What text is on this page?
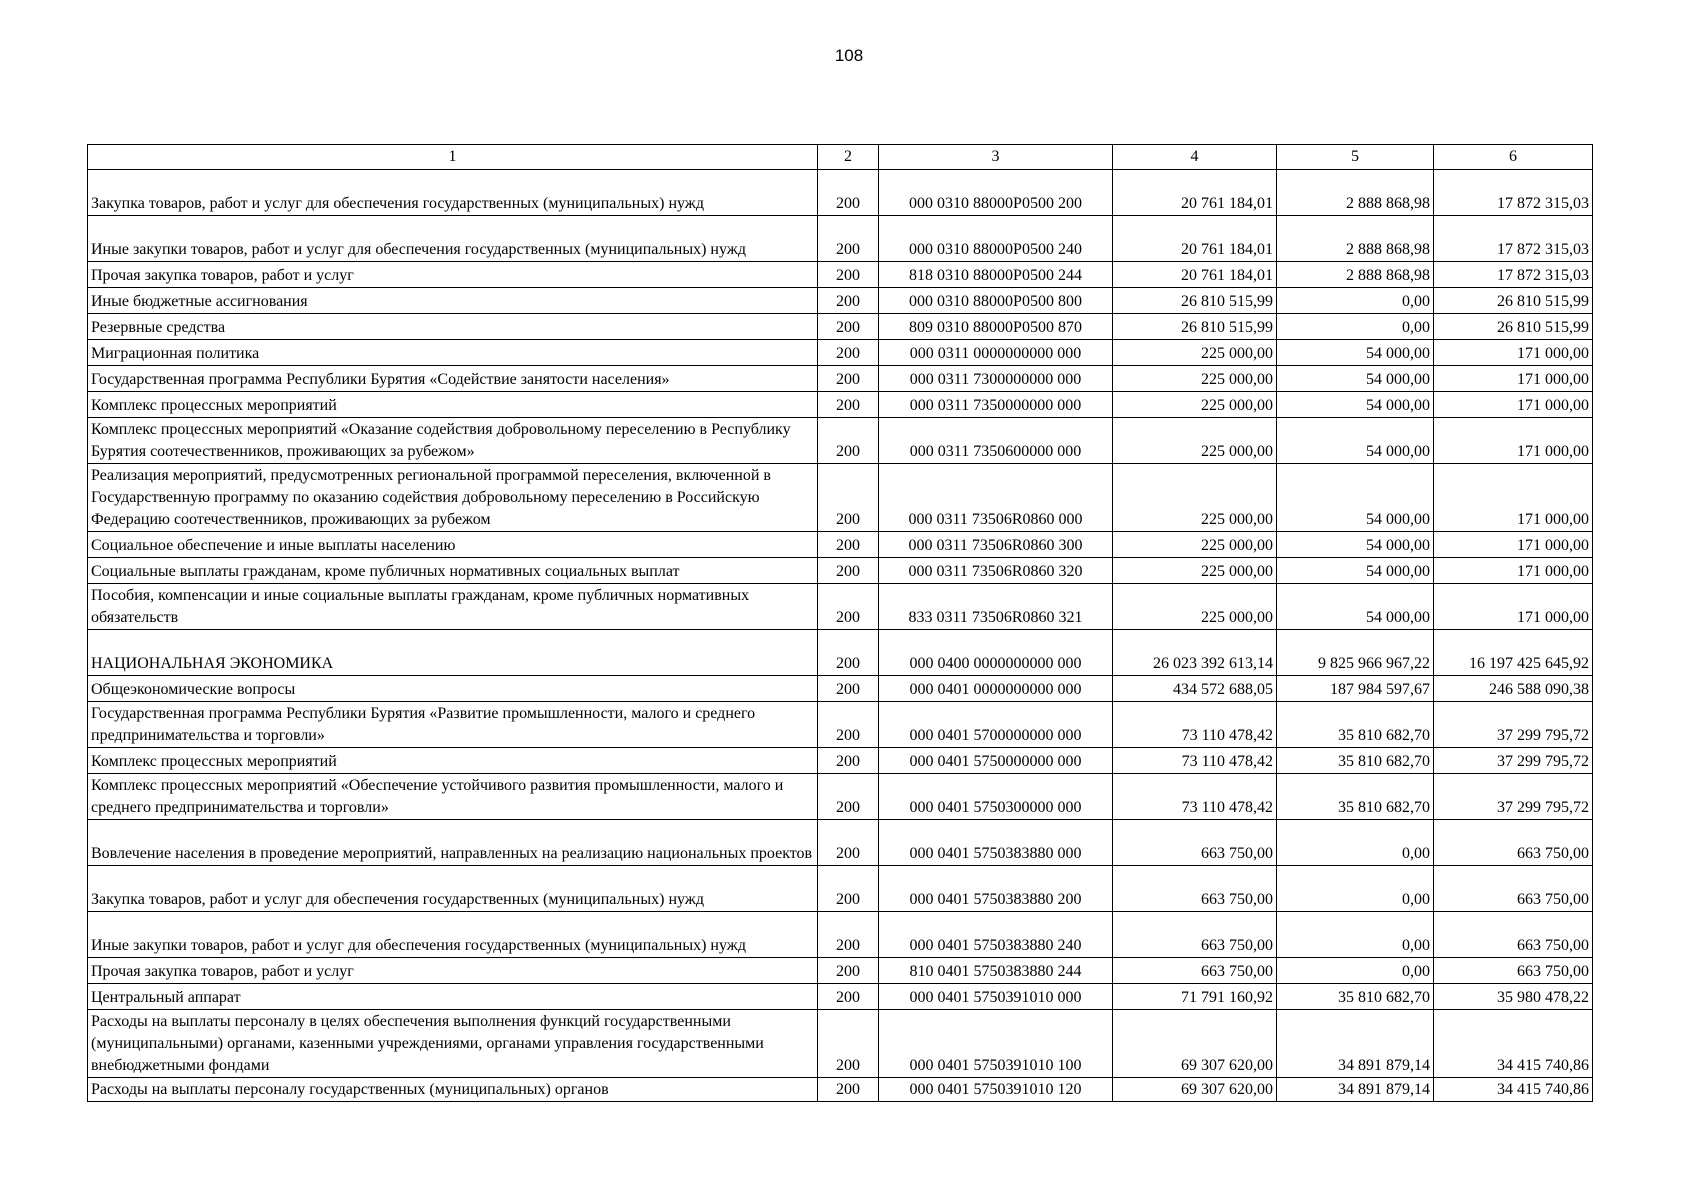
108
1	2	3	4	5	6
Закупка товаров, работ и услуг для обеспечения государственных (муниципальных) нужд	200	000 0310 88000Р0500 200	20 761 184,01	2 888 868,98	17 872 315,03
Иные закупки товаров, работ и услуг для обеспечения государственных (муниципальных) нужд	200	000 0310 88000Р0500 240	20 761 184,01	2 888 868,98	17 872 315,03
Прочая закупка товаров, работ и услуг	200	818 0310 88000Р0500 244	20 761 184,01	2 888 868,98	17 872 315,03
Иные бюджетные ассигнования	200	000 0310 88000Р0500 800	26 810 515,99	0,00	26 810 515,99
Резервные средства	200	809 0310 88000Р0500 870	26 810 515,99	0,00	26 810 515,99
Миграционная политика	200	000 0311 0000000000 000	225 000,00	54 000,00	171 000,00
Государственная программа Республики Бурятия «Содействие занятости населения»	200	000 0311 7300000000 000	225 000,00	54 000,00	171 000,00
Комплекс процессных мероприятий	200	000 0311 7350000000 000	225 000,00	54 000,00	171 000,00
Комплекс процессных мероприятий «Оказание содействия добровольному переселению в Республику Бурятия соотечественников, проживающих за рубежом»	200	000 0311 7350600000 000	225 000,00	54 000,00	171 000,00
Реализация мероприятий, предусмотренных региональной программой переселения, включенной в Государственную программу по оказанию содействия добровольному переселению в Российскую Федерацию соотечественников, проживающих за рубежом	200	000 0311 73506R0860 000	225 000,00	54 000,00	171 000,00
Социальное обеспечение и иные выплаты населению	200	000 0311 73506R0860 300	225 000,00	54 000,00	171 000,00
Социальные выплаты гражданам, кроме публичных нормативных социальных выплат	200	000 0311 73506R0860 320	225 000,00	54 000,00	171 000,00
Пособия, компенсации и иные социальные выплаты гражданам, кроме публичных нормативных обязательств	200	833 0311 73506R0860 321	225 000,00	54 000,00	171 000,00
НАЦИОНАЛЬНАЯ ЭКОНОМИКА	200	000 0400 0000000000 000	26 023 392 613,14	9 825 966 967,22	16 197 425 645,92
Общеэкономические вопросы	200	000 0401 0000000000 000	434 572 688,05	187 984 597,67	246 588 090,38
Государственная программа Республики Бурятия «Развитие промышленности, малого и среднего предпринимательства и торговли»	200	000 0401 5700000000 000	73 110 478,42	35 810 682,70	37 299 795,72
Комплекс процессных мероприятий	200	000 0401 5750000000 000	73 110 478,42	35 810 682,70	37 299 795,72
Комплекс процессных мероприятий «Обеспечение устойчивого развития промышленности, малого и среднего предпринимательства и торговли»	200	000 0401 5750300000 000	73 110 478,42	35 810 682,70	37 299 795,72
Вовлечение населения в проведение мероприятий, направленных на реализацию национальных проектов	200	000 0401 5750383880 000	663 750,00	0,00	663 750,00
Закупка товаров, работ и услуг для обеспечения государственных (муниципальных) нужд	200	000 0401 5750383880 200	663 750,00	0,00	663 750,00
Иные закупки товаров, работ и услуг для обеспечения государственных (муниципальных) нужд	200	000 0401 5750383880 240	663 750,00	0,00	663 750,00
Прочая закупка товаров, работ и услуг	200	810 0401 5750383880 244	663 750,00	0,00	663 750,00
Центральный аппарат	200	000 0401 5750391010 000	71 791 160,92	35 810 682,70	35 980 478,22
Расходы на выплаты персоналу в целях обеспечения выполнения функций государственными (муниципальными) органами, казенными учреждениями, органами управления государственными внебюджетными фондами	200	000 0401 5750391010 100	69 307 620,00	34 891 879,14	34 415 740,86
Расходы на выплаты персоналу государственных (муниципальных) органов	200	000 0401 5750391010 120	69 307 620,00	34 891 879,14	34 415 740,86
